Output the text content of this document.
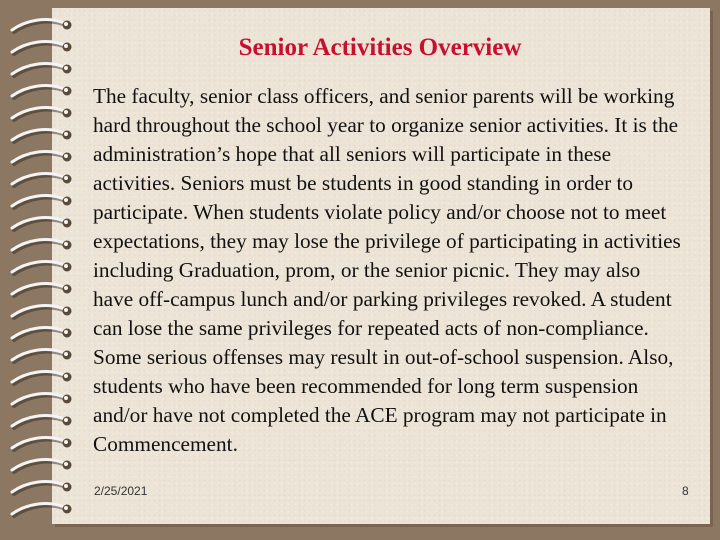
Senior Activities Overview

The faculty, senior class officers, and senior parents will be working hard throughout the school year to organize senior activities. It is the administration’s hope that all seniors will participate in these activities. Seniors must be students in good standing in order to participate. When students violate policy and/or choose not to meet expectations, they may lose the privilege of participating in activities including Graduation, prom, or the senior picnic. They may also have off-campus lunch and/or parking privileges revoked. A student can lose the same privileges for repeated acts of non-compliance. Some serious offenses may result in out-of-school suspension. Also, students who have been recommended for long term suspension and/or have not completed the ACE program may not participate in Commencement.

2/25/2021	8
